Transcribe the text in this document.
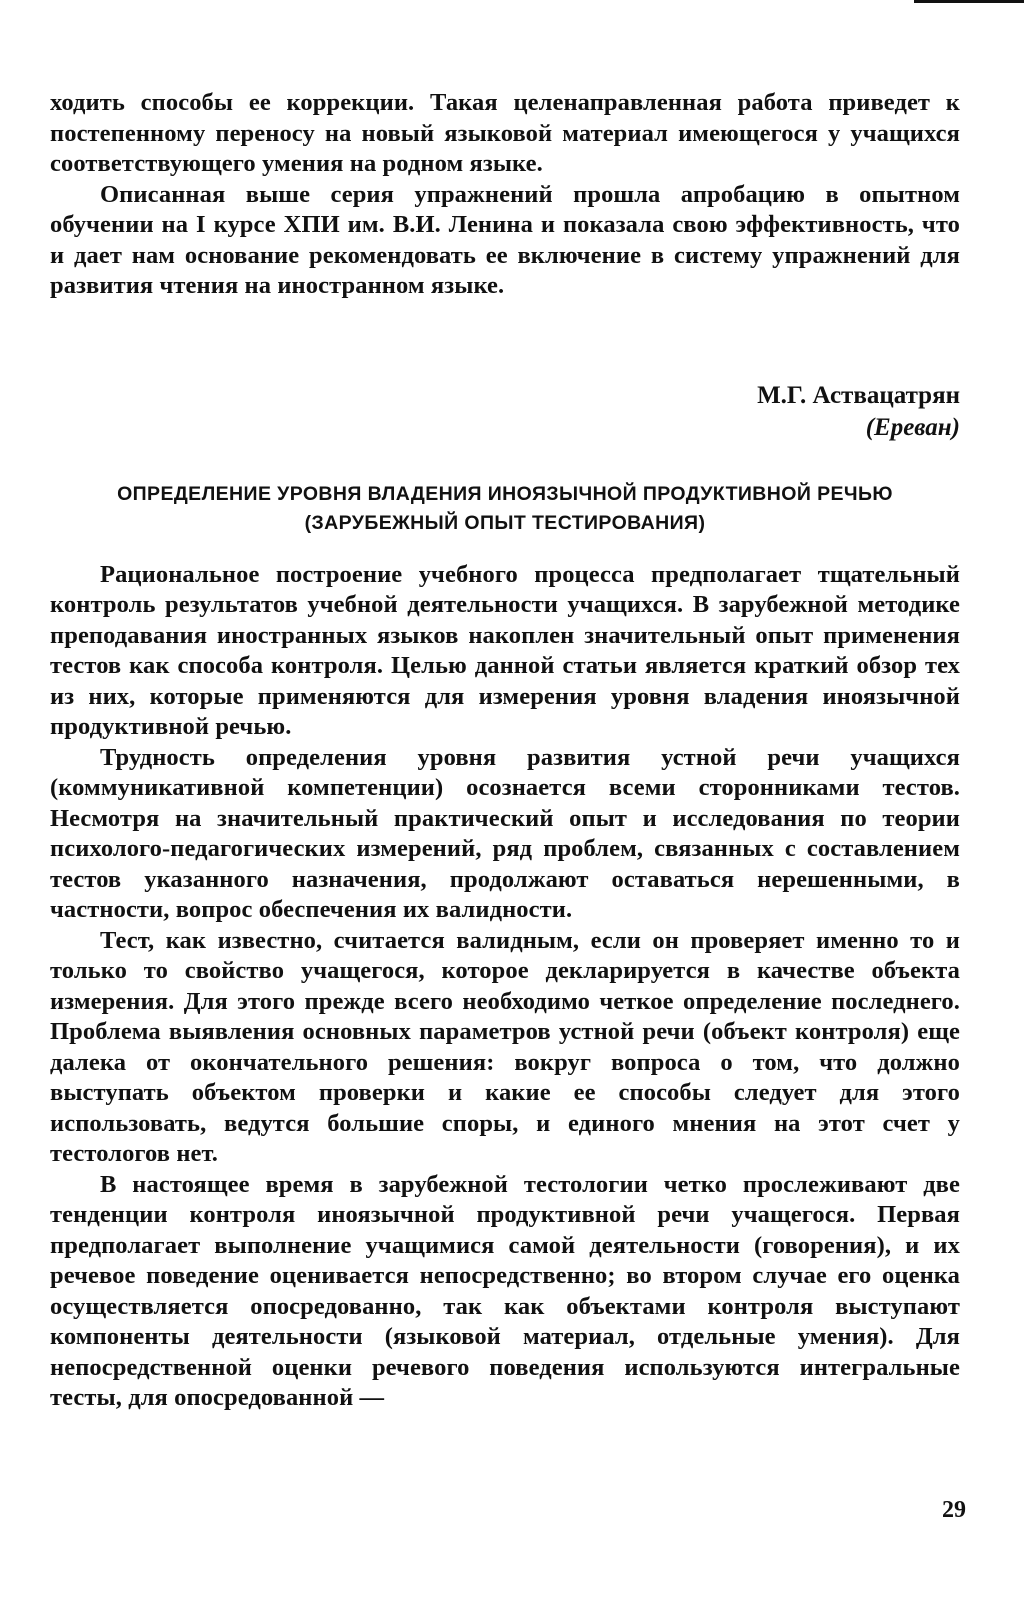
ходить способы ее коррекции. Такая целенаправленная работа приведет к постепенному переносу на новый языковой материал имеющегося у учащихся соответствующего умения на родном языке.

Описанная выше серия упражнений прошла апробацию в опытном обучении на I курсе ХПИ им. В.И. Ленина и показала свою эффективность, что и дает нам основание рекомендовать ее включение в систему упражнений для развития чтения на иностранном языке.

М.Г. Аствацатрян
(Ереван)
ОПРЕДЕЛЕНИЕ УРОВНЯ ВЛАДЕНИЯ ИНОЯЗЫЧНОЙ ПРОДУКТИВНОЙ РЕЧЬЮ (ЗАРУБЕЖНЫЙ ОПЫТ ТЕСТИРОВАНИЯ)

Рациональное построение учебного процесса предполагает тщательный контроль результатов учебной деятельности учащихся. В зарубежной методике преподавания иностранных языков накоплен значительный опыт применения тестов как способа контроля. Целью данной статьи является краткий обзор тех из них, которые применяются для измерения уровня владения иноязычной продуктивной речью.

Трудность определения уровня развития устной речи учащихся (коммуникативной компетенции) осознается всеми сторонниками тестов. Несмотря на значительный практический опыт и исследования по теории психолого-педагогических измерений, ряд проблем, связанных с составлением тестов указанного назначения, продолжают оставаться нерешенными, в частности, вопрос обеспечения их валидности.

Тест, как известно, считается валидным, если он проверяет именно то и только то свойство учащегося, которое декларируется в качестве объекта измерения. Для этого прежде всего необходимо четкое определение последнего. Проблема выявления основных параметров устной речи (объект контроля) еще далека от окончательного решения: вокруг вопроса о том, что должно выступать объектом проверки и какие ее способы следует для этого использовать, ведутся большие споры, и единого мнения на этот счет у тестологов нет.

В настоящее время в зарубежной тестологии четко прослеживают две тенденции контроля иноязычной продуктивной речи учащегося. Первая предполагает выполнение учащимися самой деятельности (говорения), и их речевое поведение оценивается непосредственно; во втором случае его оценка осуществляется опосредованно, так как объектами контроля выступают компоненты деятельности (языковой материал, отдельные умения). Для непосредственной оценки речевого поведения используются интегральные тесты, для опосредованной —

29
